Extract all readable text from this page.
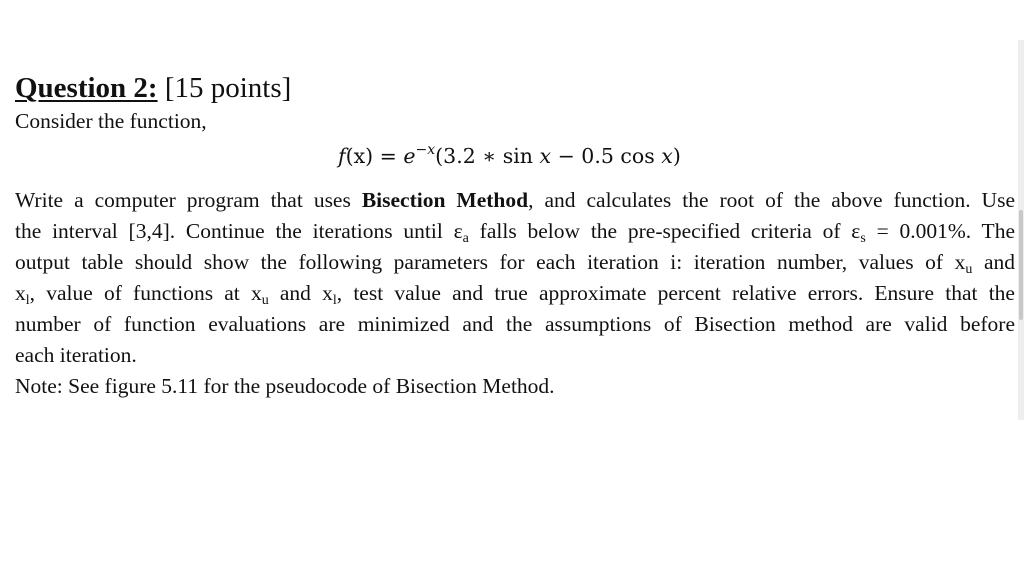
Question 2: [15 points]

Consider the function,

$f(x) = e^{-x}(3.2$ ∗ sin x − 0.5 cos x)

Write a computer program that uses Bisection Method, and calculates the root of the above function. Use
the interval [3,4]. Continue the iterations until $\varepsilon_a$ falls below the pre-specified criteria of $\varepsilon_s = 0.001\%$. The
output table should show the following parameters for each iteration i: iteration number, values of $x_u$ and
$x_l$, value of functions at $x_u$ and $x_l$, test value and true approximate percent relative errors. Ensure that the
number of function evaluations are minimized and the assumptions of Bisection method are valid before
each iteration.

Note: See figure 5.11 for the pseudocode of Bisection Method.
